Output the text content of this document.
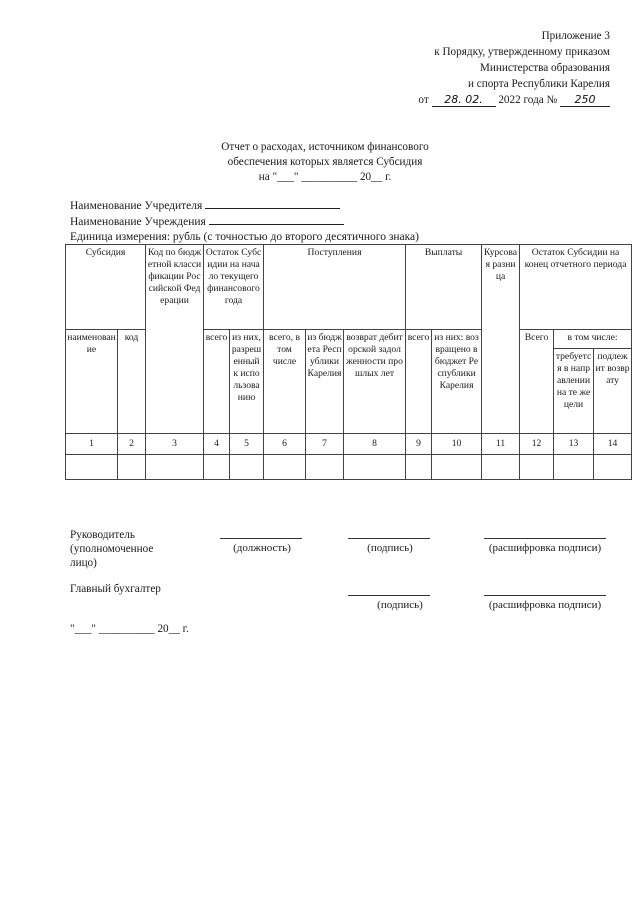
Приложение 3
к Порядку, утвержденному приказом
Министерства образования
и спорта Республики Карелия
от 28. 02. 2022 года № 250
Отчет о расходах, источником финансового
обеспечения которых является Субсидия
на "___" __________ 20__ г.
Наименование Учредителя
Наименование Учреждения
Единица измерения: рубль (с точностью до второго десятичного знака)
Субсидия		Код по бюджетной классификации Российской Федерации	Остаток Субсидии на начало текущего финансового года		Поступления			Выплаты		Курсовая разница	Остаток Субсидии на конец отчетного периода		
наименование	код		всего	из них, разрешенный к использованию	всего, в том числе	из бюджета Республики Карелия	возврат дебиторской задолженности прошлых лет	всего	из них: возвращено в бюджет Республики Карелия		Всего	в том числе:	
												требуется в направлении на те же цели	подлежит возврату
1	2	3	4	5	6	7	8	9	10	11	12	13	14

Руководитель
(уполномоченное
лицо)
(должность)	(подпись)	(расшифровка подписи)
Главный бухгалтер
(подпись)	(расшифровка подписи)
"___" __________ 20__ г.
